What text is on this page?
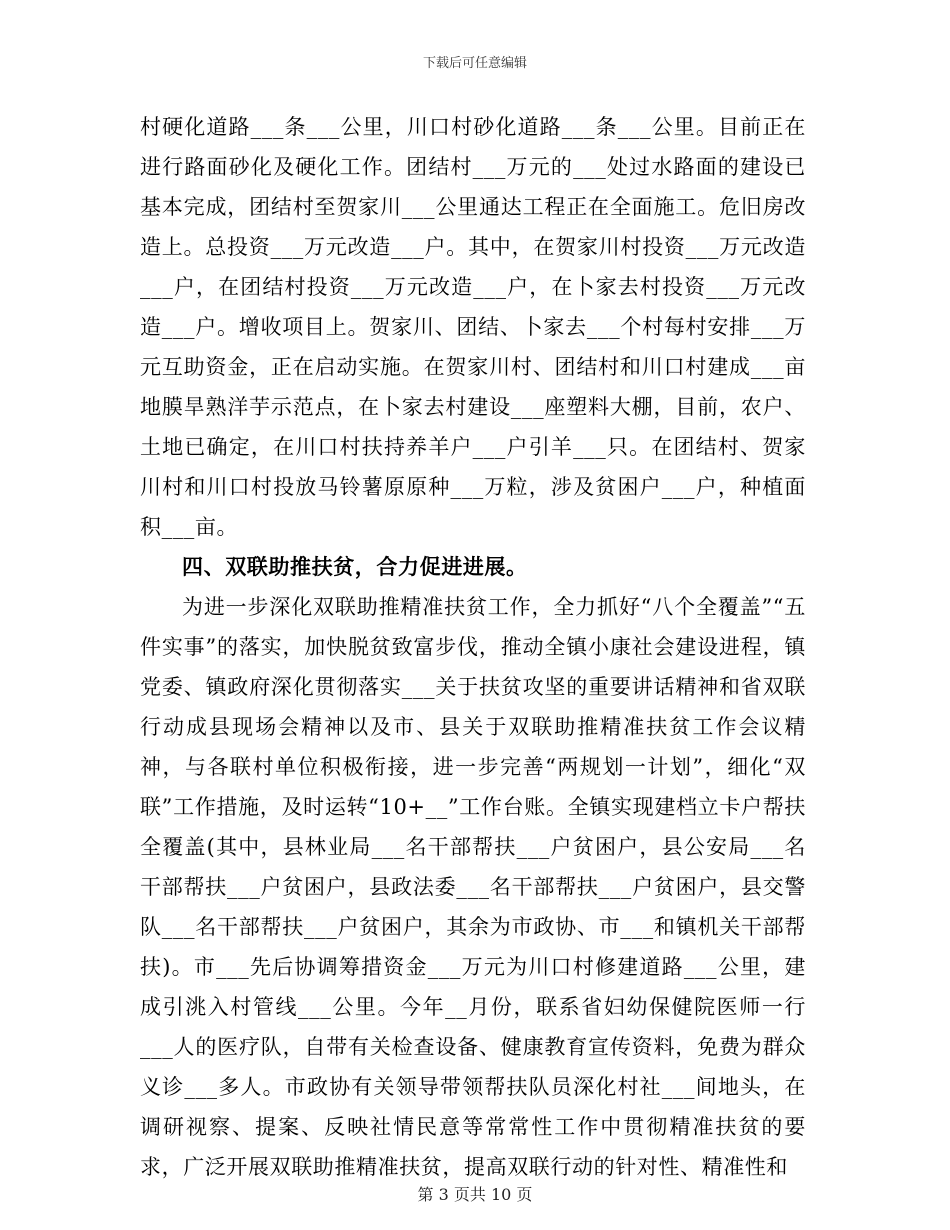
下载后可任意编辑

村硬化道路___条___公里，川口村砂化道路___条___公里。目前正在进行路面砂化及硬化工作。团结村___万元的___处过水路面的建设已基本完成，团结村至贺家川___公里通达工程正在全面施工。危旧房改造上。总投资___万元改造___户。其中，在贺家川村投资___万元改造___户，在团结村投资___万元改造___户，在卜家去村投资___万元改造___户。增收项目上。贺家川、团结、卜家去___个村每村安排___万元互助资金，正在启动实施。在贺家川村、团结村和川口村建成___亩地膜旱熟洋芋示范点，在卜家去村建设___座塑料大棚，目前，农户、土地已确定，在川口村扶持养羊户___户引羊___只。在团结村、贺家川村和川口村投放马铃薯原原种___万粒，涉及贫困户___户，种植面积___亩。

四、双联助推扶贫，合力促进进展。

为进一步深化双联助推精准扶贫工作，全力抓好“八个全覆盖”“五件实事”的落实，加快脱贫致富步伐，推动全镇小康社会建设进程，镇党委、镇政府深化贯彻落实___关于扶贫攻坚的重要讲话精神和省双联行动成县现场会精神以及市、县关于双联助推精准扶贫工作会议精神，与各联村单位积极衔接，进一步完善“两规划一计划”，细化“双联”工作措施，及时运转“10+__”工作台账。全镇实现建档立卡户帮扶全覆盖(其中，县林业局___名干部帮扶___户贫困户，县公安局___名干部帮扶___户贫困户，县政法委___名干部帮扶___户贫困户，县交警队___名干部帮扶___户贫困户，其余为市政协、市___和镇机关干部帮扶)。市___先后协调筹措资金___万元为川口村修建道路___公里，建成引洮入村管线___公里。今年__月份，联系省妇幼保健院医师一行___人的医疗队，自带有关检查设备、健康教育宣传资料，免费为群众义诊___多人。市政协有关领导带领帮扶队员深化村社___间地头，在调研视察、提案、反映社情民意等常常性工作中贯彻精准扶贫的要求，广泛开展双联助推精准扶贫，提高双联行动的针对性、精准性和

第 3 页共 10 页
